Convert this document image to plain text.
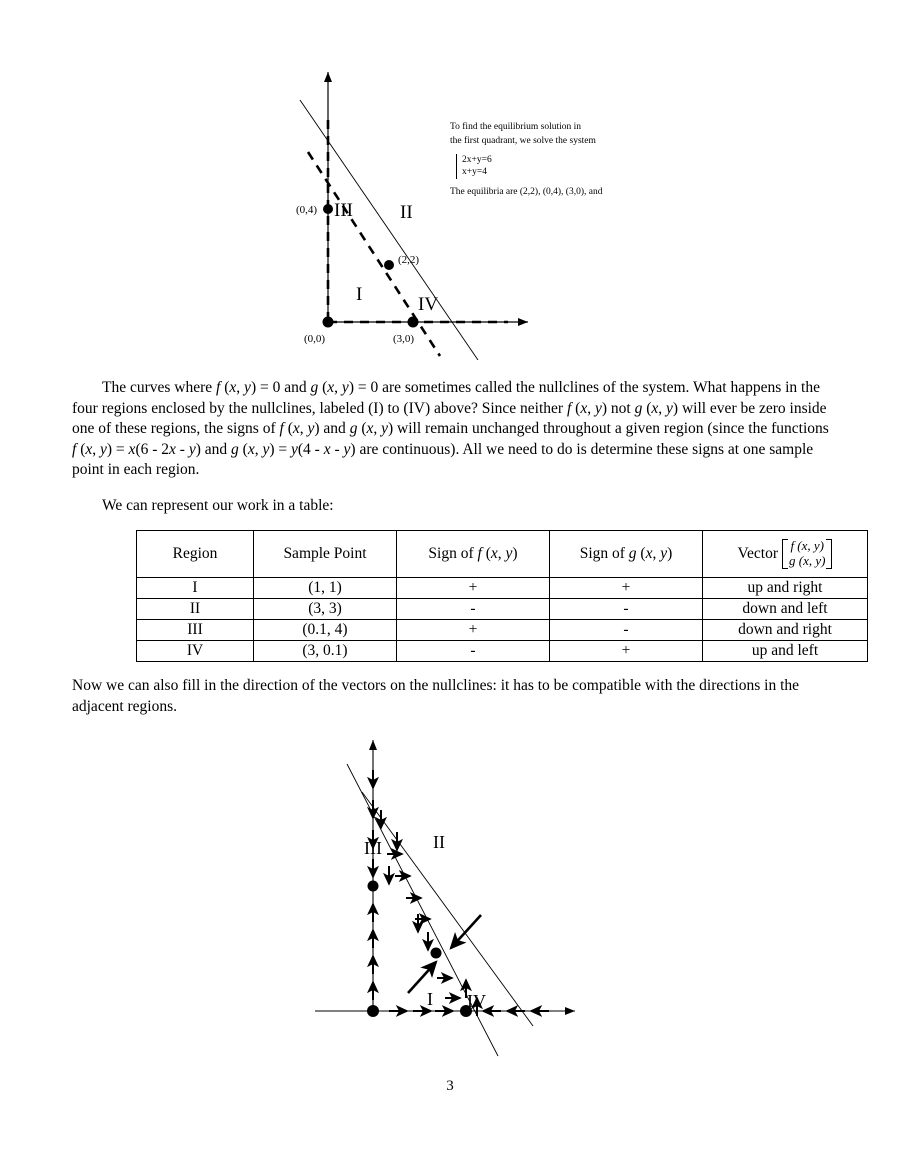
(0,4)
(2,2)
(0,0)	(3,0)
III II
I	IV
To find the equilibrium solution in
the first quadrant, we solve the system
2x+y=6
x+y=4
The equilibria are (2,2), (0,4), (3,0), and
The curves where f (x, y) = 0 and g (x, y) = 0 are sometimes called the nullclines of the system. What happens in the four regions enclosed by the nullclines, labeled (I) to (IV) above? Since neither f (x, y) not g (x, y) will ever be zero inside one of these regions, the signs of f (x, y) and g (x, y) will remain unchanged throughout a given region (since the functions f (x, y) = x(6 - 2x - y) and g (x, y) = y(4 - x - y) are continuous). All we need to do is determine these signs at one sample point in each region.
We can represent our work in a table:
Region	Sample Point	Sign of f (x, y)	Sign of g (x, y)	Vector f (x, y)
g (x, y)

I	(1, 1)	+	+	up and right
II	(3, 3)	-	-	down and left
III	(0.1, 4)	+	-	down and right
IV	(3, 0.1)	-	+	up and left
Now we can also fill in the direction of the vectors on the nullclines: it has to be compatible with the directions in the adjacent regions.
III	II
I IV
3
